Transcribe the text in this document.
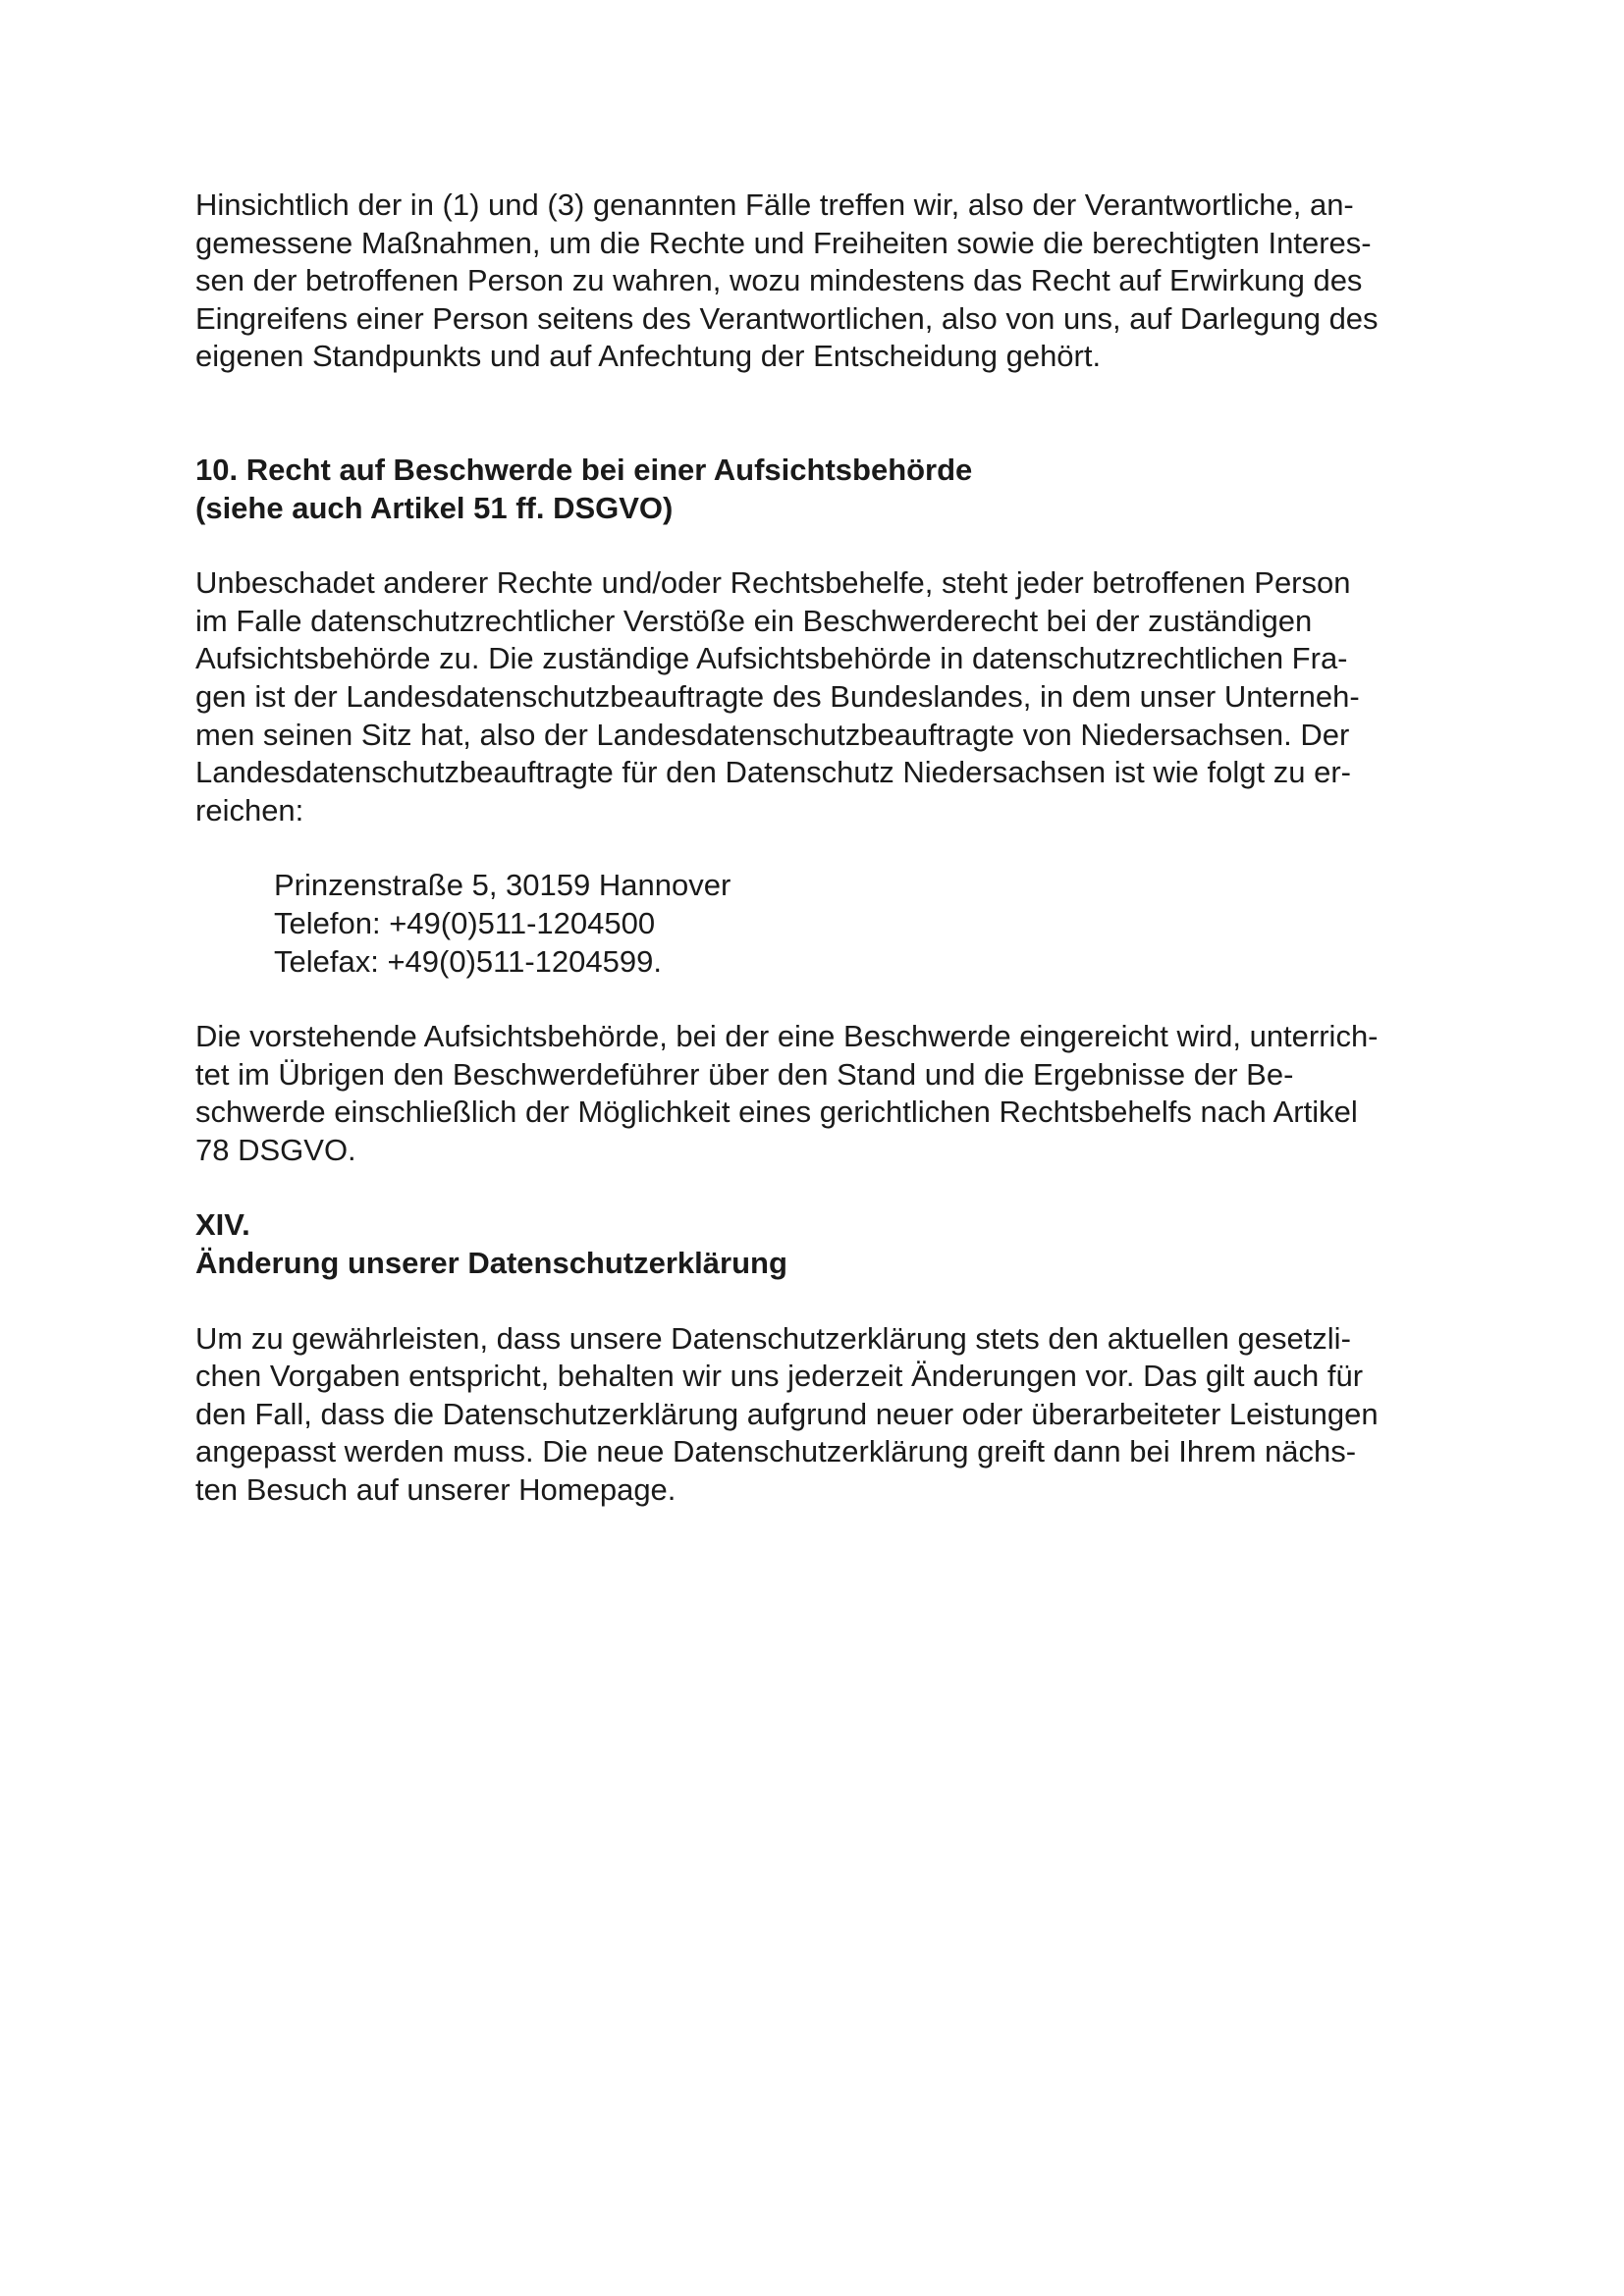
Hinsichtlich der in (1) und (3) genannten Fälle treffen wir, also der Verantwortliche, an-
gemessene Maßnahmen, um die Rechte und Freiheiten sowie die berechtigten Interes-
sen der betroffenen Person zu wahren, wozu mindestens das Recht auf Erwirkung des
Eingreifens einer Person seitens des Verantwortlichen, also von uns, auf Darlegung des
eigenen Standpunkts und auf Anfechtung der Entscheidung gehört.

10. Recht auf Beschwerde bei einer Aufsichtsbehörde
(siehe auch Artikel 51 ff. DSGVO)

Unbeschadet anderer Rechte und/oder Rechtsbehelfe, steht jeder betroffenen Person
im Falle datenschutzrechtlicher Verstöße ein Beschwerderecht bei der zuständigen
Aufsichtsbehörde zu. Die zuständige Aufsichtsbehörde in datenschutzrechtlichen Fra-
gen ist der Landesdatenschutzbeauftragte des Bundeslandes, in dem unser Unterneh-
men seinen Sitz hat, also der Landesdatenschutzbeauftragte von Niedersachsen. Der
Landesdatenschutzbeauftragte für den Datenschutz Niedersachsen ist wie folgt zu er-
reichen:

Prinzenstraße 5, 30159 Hannover
Telefon: +49(0)511-1204500
Telefax: +49(0)511-1204599.

Die vorstehende Aufsichtsbehörde, bei der eine Beschwerde eingereicht wird, unterrich-
tet im Übrigen den Beschwerdeführer über den Stand und die Ergebnisse der Be-
schwerde einschließlich der Möglichkeit eines gerichtlichen Rechtsbehelfs nach Artikel
78 DSGVO.

XIV.
Änderung unserer Datenschutzerklärung

Um zu gewährleisten, dass unsere Datenschutzerklärung stets den aktuellen gesetzli-
chen Vorgaben entspricht, behalten wir uns jederzeit Änderungen vor. Das gilt auch für
den Fall, dass die Datenschutzerklärung aufgrund neuer oder überarbeiteter Leistungen
angepasst werden muss. Die neue Datenschutzerklärung greift dann bei Ihrem nächs-
ten Besuch auf unserer Homepage.
